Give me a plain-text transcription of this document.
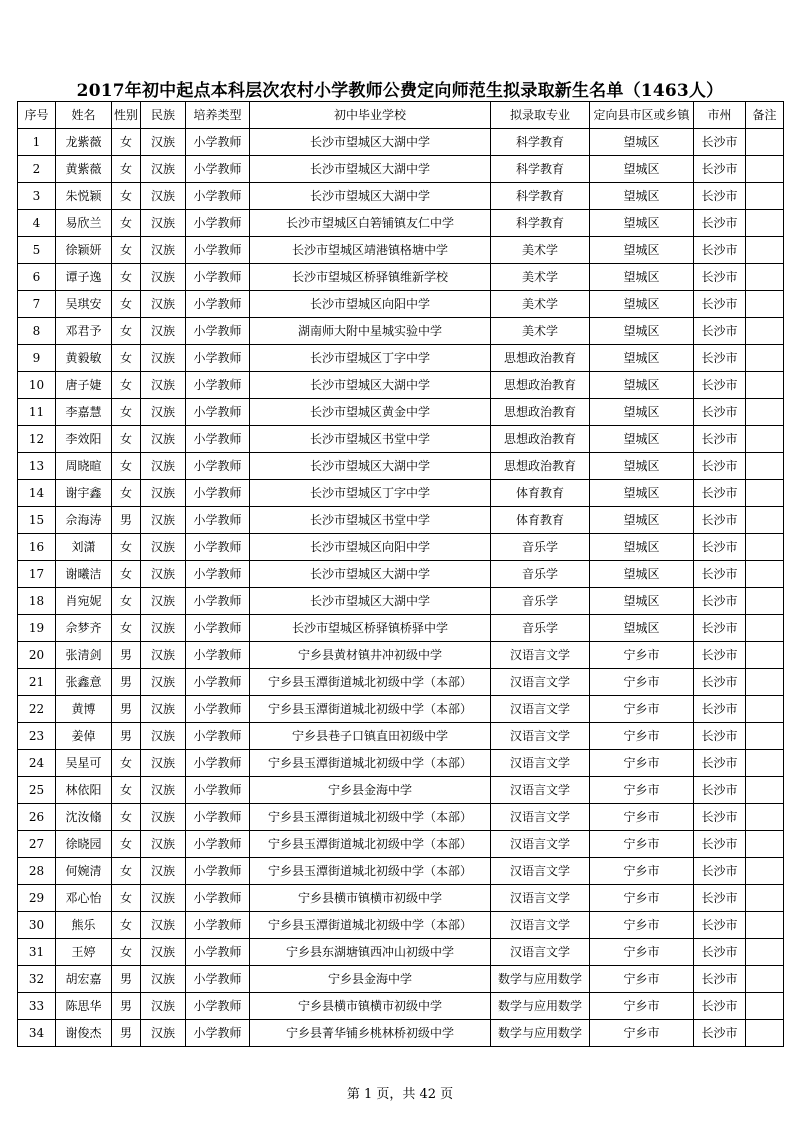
2017年初中起点本科层次农村小学教师公费定向师范生拟录取新生名单（1463人）
序号	姓名	性别	民族	培养类型	初中毕业学校	拟录取专业	定向县市区或乡镇	市州	备注
1	龙紫薇	女	汉族	小学教师	长沙市望城区大湖中学	科学教育	望城区	长沙市	
2	黄紫薇	女	汉族	小学教师	长沙市望城区大湖中学	科学教育	望城区	长沙市	
3	朱悦颖	女	汉族	小学教师	长沙市望城区大湖中学	科学教育	望城区	长沙市	
4	易欣兰	女	汉族	小学教师	长沙市望城区白箬铺镇友仁中学	科学教育	望城区	长沙市	
5	徐颖妍	女	汉族	小学教师	长沙市望城区靖港镇格塘中学	美术学	望城区	长沙市	
6	谭子逸	女	汉族	小学教师	长沙市望城区桥驿镇维新学校	美术学	望城区	长沙市	
7	吴琪安	女	汉族	小学教师	长沙市望城区向阳中学	美术学	望城区	长沙市	
8	邓君予	女	汉族	小学教师	湖南师大附中星城实验中学	美术学	望城区	长沙市	
9	黄毅敏	女	汉族	小学教师	长沙市望城区丁字中学	思想政治教育	望城区	长沙市	
10	唐子婕	女	汉族	小学教师	长沙市望城区大湖中学	思想政治教育	望城区	长沙市	
11	李嘉慧	女	汉族	小学教师	长沙市望城区黄金中学	思想政治教育	望城区	长沙市	
12	李效阳	女	汉族	小学教师	长沙市望城区书堂中学	思想政治教育	望城区	长沙市	
13	周晓暄	女	汉族	小学教师	长沙市望城区大湖中学	思想政治教育	望城区	长沙市	
14	谢宇鑫	女	汉族	小学教师	长沙市望城区丁字中学	体育教育	望城区	长沙市	
15	佘海涛	男	汉族	小学教师	长沙市望城区书堂中学	体育教育	望城区	长沙市	
16	刘潇	女	汉族	小学教师	长沙市望城区向阳中学	音乐学	望城区	长沙市	
17	谢曦洁	女	汉族	小学教师	长沙市望城区大湖中学	音乐学	望城区	长沙市	
18	肖宛妮	女	汉族	小学教师	长沙市望城区大湖中学	音乐学	望城区	长沙市	
19	佘梦齐	女	汉族	小学教师	长沙市望城区桥驿镇桥驿中学	音乐学	望城区	长沙市	
20	张清剑	男	汉族	小学教师	宁乡县黄材镇井冲初级中学	汉语言文学	宁乡市	长沙市	
21	张鑫意	男	汉族	小学教师	宁乡县玉潭街道城北初级中学（本部）	汉语言文学	宁乡市	长沙市	
22	黄博	男	汉族	小学教师	宁乡县玉潭街道城北初级中学（本部）	汉语言文学	宁乡市	长沙市	
23	姜倬	男	汉族	小学教师	宁乡县巷子口镇直田初级中学	汉语言文学	宁乡市	长沙市	
24	吴星可	女	汉族	小学教师	宁乡县玉潭街道城北初级中学（本部）	汉语言文学	宁乡市	长沙市	
25	林依阳	女	汉族	小学教师	宁乡县金海中学	汉语言文学	宁乡市	长沙市	
26	沈汝翛	女	汉族	小学教师	宁乡县玉潭街道城北初级中学（本部）	汉语言文学	宁乡市	长沙市	
27	徐晓园	女	汉族	小学教师	宁乡县玉潭街道城北初级中学（本部）	汉语言文学	宁乡市	长沙市	
28	何婉清	女	汉族	小学教师	宁乡县玉潭街道城北初级中学（本部）	汉语言文学	宁乡市	长沙市	
29	邓心怡	女	汉族	小学教师	宁乡县横市镇横市初级中学	汉语言文学	宁乡市	长沙市	
30	熊乐	女	汉族	小学教师	宁乡县玉潭街道城北初级中学（本部）	汉语言文学	宁乡市	长沙市	
31	王婷	女	汉族	小学教师	宁乡县东湖塘镇西冲山初级中学	汉语言文学	宁乡市	长沙市	
32	胡宏嘉	男	汉族	小学教师	宁乡县金海中学	数学与应用数学	宁乡市	长沙市	
33	陈思华	男	汉族	小学教师	宁乡县横市镇横市初级中学	数学与应用数学	宁乡市	长沙市	
34	谢俊杰	男	汉族	小学教师	宁乡县菁华铺乡桃林桥初级中学	数学与应用数学	宁乡市	长沙市	
第 1 页，共 42 页
